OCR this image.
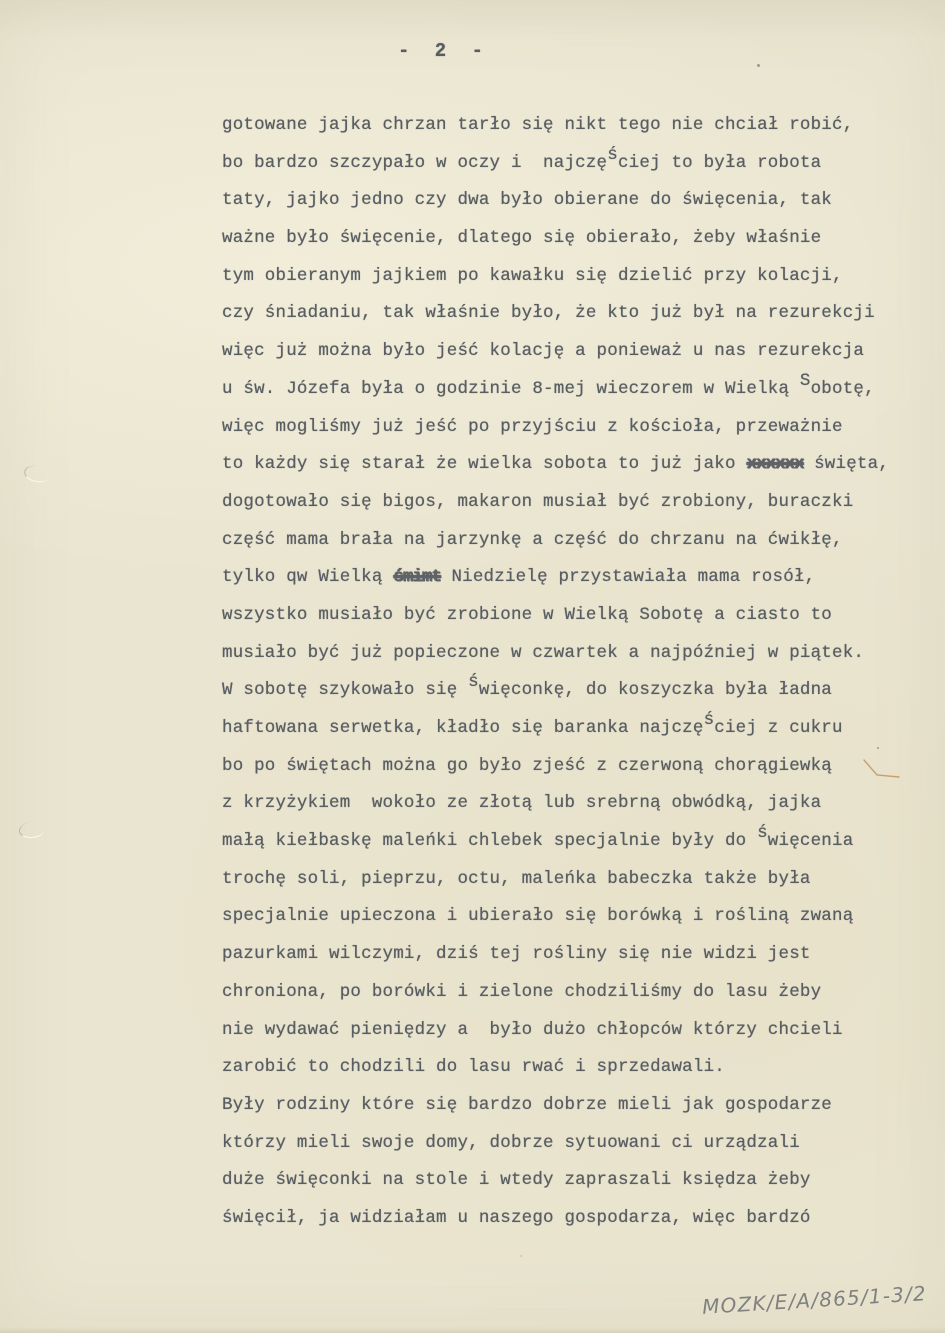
- 2 -
gotowane jajka chrzan tarło się nikt tego nie chciał robić,
bo bardzo szczypało w oczy i  najczęściej to była robota
taty, jajko jedno czy dwa było obierane do święcenia, tak
ważne było święcenie, dlatego się obierało, żeby właśnie
tym obieranym jajkiem po kawałku się dzielić przy kolacji,
czy śniadaniu, tak właśnie było, że kto już był na rezurekcji
więc już można było jeść kolację a ponieważ u nas rezurekcja
u św. Józefa była o godzinie 8-mej wieczorem w Wielką Sobotę,
więc mogliśmy już jeść po przyjściu z kościoła, przeważnie
to każdy się starał że wielka sobota to już jako xxxxxx święta,
dogotowało się bigos, makaron musiał być zrobiony, buraczki
część mama brała na jarzynkę a część do chrzanu na ćwikłę,
tylko qw Wielką śmimt Niedzielę przystawiała mama rosół,
wszystko musiało być zrobione w Wielką Sobotę a ciasto to
musiało być już popieczone w czwartek a najpóźniej w piątek.
W sobotę szykowało się święconkę, do koszyczka była ładna
haftowana serwetka, kładło się baranka najczęściej z cukru
bo po świętach można go było zjeść z czerwoną chorągiewką
z krzyżykiem  wokoło ze złotą lub srebrną obwódką, jajka
małą kiełbaskę maleńki chlebek specjalnie były do święcenia
trochę soli, pieprzu, octu, maleńka babeczka także była
specjalnie upieczona i ubierało się borówką i rośliną zwaną
pazurkami wilczymi, dziś tej rośliny się nie widzi jest
chroniona, po borówki i zielone chodziliśmy do lasu żeby
nie wydawać pieniędzy a  było dużo chłopców którzy chcieli
zarobić to chodzili do lasu rwać i sprzedawali.
Były rodziny które się bardzo dobrze mieli jak gospodarze
którzy mieli swoje domy, dobrze sytuowani ci urządzali
duże święconki na stole i wtedy zapraszali księdza żeby
święcił, ja widziałam u naszego gospodarza, więc bardzó
MOZK/E/A/865/1-3/2
